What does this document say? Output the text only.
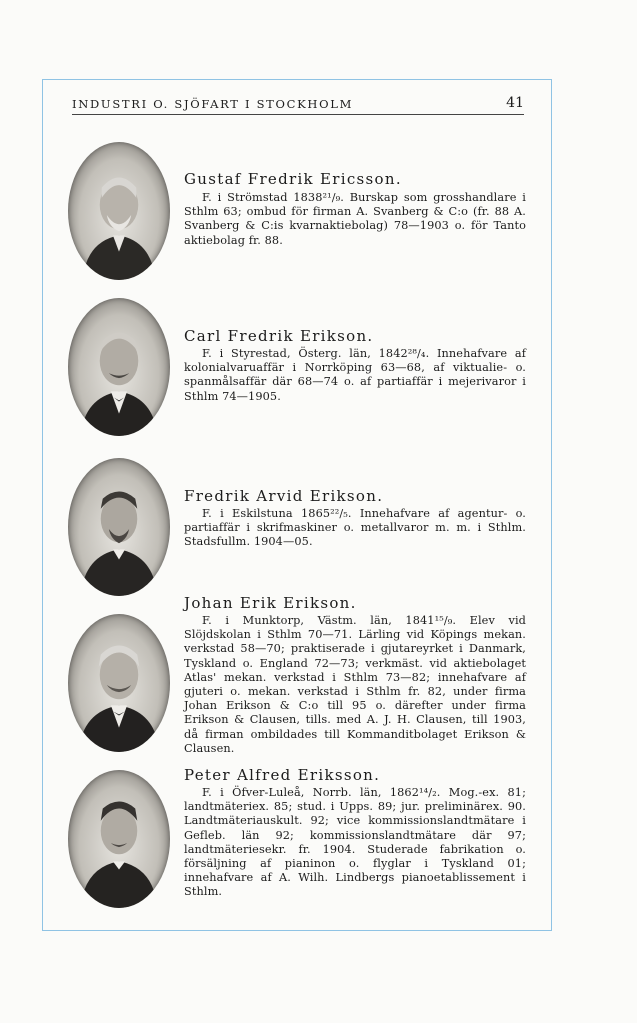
INDUSTRI O. SJÖFART I STOCKHOLM	41
Gustaf Fredrik Ericsson.
F. i Strömstad 1838²¹/₉. Burskap som grosshandlare i Sthlm 63; ombud för firman A. Svanberg & C:o (fr. 88 A. Svanberg & C:is kvarnaktiebolag) 78—1903 o. för Tanto aktiebolag fr. 88.
Carl Fredrik Erikson.
F. i Styrestad, Österg. län, 1842²⁸/₄. Innehafvare af kolonialvaruaffär i Norrköping 63—68, af viktualie- o. spanmålsaffär där 68—74 o. af partiaffär i mejerivaror i Sthlm 74—1905.
Fredrik Arvid Erikson.
F. i Eskilstuna 1865²²/₅. Innehafvare af agentur- o. partiaffär i skrifmaskiner o. metallvaror m. m. i Sthlm. Stadsfullm. 1904—05.
Johan Erik Erikson.
F. i Munktorp, Västm. län, 1841¹⁵/₉. Elev vid Slöjdskolan i Sthlm 70—71. Lärling vid Köpings mekan. verkstad 58—70; praktiserade i gjutareyrket i Danmark, Tyskland o. England 72—73; verkmäst. vid aktiebolaget Atlas' mekan. verkstad i Sthlm 73—82; innehafvare af gjuteri o. mekan. verkstad i Sthlm fr. 82, under firma Johan Erikson & C:o till 95 o. därefter under firma Erikson & Clausen, tills. med A. J. H. Clausen, till 1903, då firman ombildades till Kommanditbolaget Erikson & Clausen.
Peter Alfred Eriksson.
F. i Öfver-Luleå, Norrb. län, 1862¹⁴/₂. Mog.-ex. 81; landtmäteriex. 85; stud. i Upps. 89; jur. preliminärex. 90. Landtmäteriauskult. 92; vice kommissionslandtmätare i Gefleb. län 92; kommissionslandtmätare där 97; landtmäteriesekr. fr. 1904. Studerade fabrikation o. försäljning af pianinon o. flyglar i Tyskland 01; innehafvare af A. Wilh. Lindbergs pianoetablissement i Sthlm.
